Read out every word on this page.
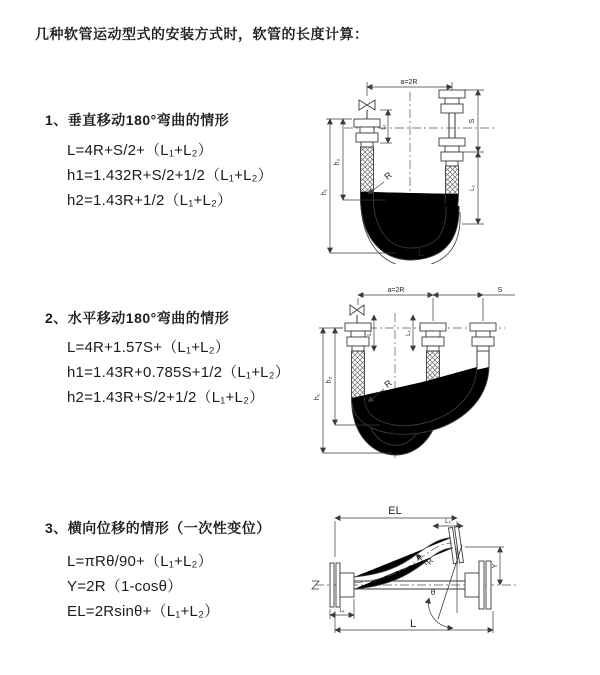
几种软管运动型式的安装方式时，软管的长度计算：
1、垂直移动180°弯曲的情形
L=4R+S/2+（L₁+L₂）
h1=1.432R+S/2+1/2（L₁+L₂）
h2=1.43R+1/2（L₁+L₂）
2、水平移动180°弯曲的情形
L=4R+1.57S+（L₁+L₂）
h1=1.43R+0.785S+1/2（L₁+L₂）
h2=1.43R+S/2+1/2（L₁+L₂）
3、横向位移的情形（一次性变位）
L=πRθ/90+（L₁+L₂）
Y=2R（1-cosθ）
EL=2Rsinθ+（L₁+L₂）
a=2R
h₁
h₂
L₁
S
L₂
R
L
a=2R	S
h₁
h₂
L₁	L₂
R
EL
L₂
Y
θ
R
L₁
L
